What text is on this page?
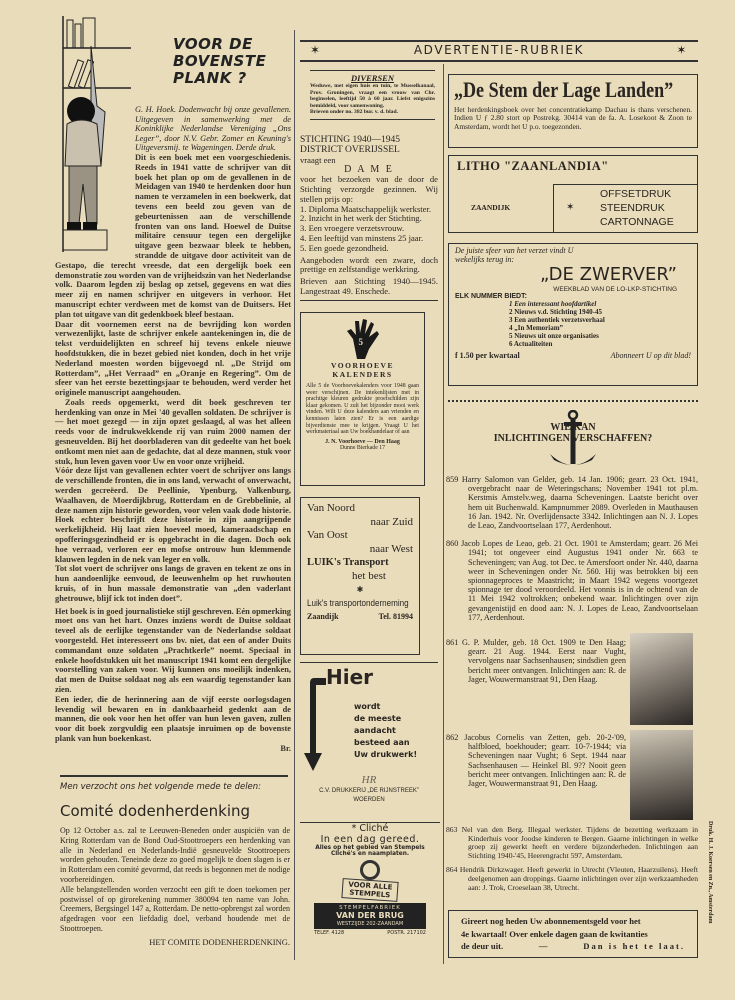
VOOR DE
BOVENSTE
PLANK ?
G. H. Hoek. Dodenwacht bij onze gevallenen. Uitgegeven in samenwerking met de Koninklijke Nederlandse Vereniging „Ons Leger”, door N.V. Gebr. Zomer en Keuning's Uitgeversmij. te Wageningen. Derde druk.

Dit is een boek met een voorgeschiedenis. Reeds in 1941 vatte de schrijver van dit boek het plan op om de gevallenen in de Meidagen van 1940 te herdenken door hun namen te verzamelen in een boekwerk, dat tevens een beeld zou geven van de gebeurtenissen aan de verschillende fronten van ons land. Hoewel de Duitse militaire censuur tegen een dergelijke uitgave geen bezwaar bleek te hebben, strandde de uitgave door activiteit van de Gestapo, die terecht vreesde, dat een dergelijk boek een demonstratie zou worden van de vrijheidszin van het Nederlandse volk. Daarom legden zij beslag op zetsel, gegevens en wat dies meer zij en namen schrijver en uitgevers in verhoor. Het manuscript echter verdween met de komst van de Duitsers. Het plan tot uitgave van dit gedenkboek bleef bestaan.

Daar dit voornemen eerst na de bevrijding kon worden verwezenlijkt, laste de schrijver enkele aantekeningen in, die de tekst verduidelijkten en schreef hij tevens enkele nieuwe hoofdstukken, die in bezet gebied niet konden, doch in het vrije Nederland moesten worden bijgevoegd nl. „De Strijd om Rotterdam”, „Het Verraad” en „Oranje en Regering”. Om de sfeer van het eerste bezettingsjaar te behouden, werd verder het originele manuscript aangehouden.

Zoals reeds opgemerkt, werd dit boek geschreven ter herdenking van onze in Mei '40 gevallen soldaten. De schrijver is — het moet gezegd — in zijn opzet geslaagd, al was het alleen reeds voor de indrukwekkende rij van ruim 2000 namen der gesneuvelden. Bij het doorbladeren van dit gedeelte van het boek ontkomt men niet aan de gedachte, dat al deze mannen, stuk voor stuk, hun leven gaven voor Uw en voor onze vrijheid.

Vóór deze lijst van gevallenen echter voert de schrijver ons langs de verschillende fronten, die in ons land, verwacht of onverwacht, werden gecreëerd. De Peellinie, Ypenburg, Valkenburg, Waalhaven, de Moerdijkbrug, Rotterdam en de Grebbelinie, al deze namen zijn historie geworden, voor velen vaak dode historie. Hoek echter beschrijft deze historie in zijn aangrijpende werkelijkheid. Hij laat zien hoeveel moed, kameraadschap en opofferingsgezindheid er is opgebracht in die dagen. Doch ook hoe verraad, verloren eer en mofse ontrouw hun klemmende klauwen legden in de nek van leger en volk.

Tot slot voert de schrijver ons langs de graven en tekent ze ons in hun aandoenlijke eenvoud, de leeuwenhelm op het ruwhouten kruis, of in hun massale demonstratie van „den vaderlant ghetrouwe, blijf ick tot inden doet”.

Het boek is in goed journalistieke stijl geschreven. Eén opmerking moet ons van het hart. Onzes inziens wordt de Duitse soldaat teveel als de eerlijke tegenstander van de Nederlandse soldaat voorgesteld. Het interesseert ons bv. niet, dat een of ander Duits commandant onze soldaten „Prachtkerle” noemt. Speciaal in enkele hoofdstukken uit het manuscript 1941 komt een dergelijke voorstelling van zaken voor. Wij kunnen ons moeilijk indenken, dat men de Duitse soldaat nog als een waardig tegenstander kan zien.

Een ieder, die de herinnering aan de vijf eerste oorlogsdagen levendig wil bewaren en in dankbaarheid gedenkt aan de mannen, die ook voor hen het offer van hun leven gaven, zullen voor dit boek zorgvuldig een plaatsje inruimen op de bovenste plank van hun boekenkast.

Br.
Men verzocht ons het volgende mede te delen:
Comité dodenherdenking
Op 12 October a.s. zal te Leeuwen-Beneden onder auspiciën van de Kring Rotterdam van de Bond Oud-Stoottroepers een herdenking van alle in Nederland en Nederlands-Indië gesneuvelde Stoottroepers worden gehouden. Teneinde deze zo goed mogelijk te doen slagen is er in Rotterdam een comité gevormd, dat reeds is begonnen met de nodige voorbereidingen.
Alle belangstellenden worden verzocht een gift te doen toekomen per postwissel of op girorekening nummer 380094 ten name van John. Creemers, Bergsingel 147 a, Rotterdam. De netto-opbrengst zal worden afgedragen voor een liefdadig doel, verband houdende met de Stoottroepen.
HET COMITE DODENHERDENKING.
✶	ADVERTENTIE-RUBRIEK	✶
DIVERSEN
Weduwe, met eigen huis en tuin, te Musselkanaal, Prov. Groningen, vraagt een vrouw van Chr. beginselen, leeftijd 50 à 60 jaar. Liefst enigszins bemiddeld, voor samenwoning.
Brieven onder no. 382 bur. v. d. blad.
STICHTING 1940—1945
DISTRICT OVERIJSSEL
vraagt een
D A M E
voor het bezoeken van de door de Stichting verzorgde gezinnen. Wij stellen prijs op:
1. Diploma Maatschappelijk werkster.
2. Inzicht in het werk der Stichting.
3. Een vroegere verzetsvrouw.
4. Een leeftijd van minstens 25 jaar.
5. Een goede gezondheid.
Aangeboden wordt een zware, doch prettige en zelfstandige werkkring.
Brieven aan Stichting 1940—1945. Langestraat 49. Enschede.
5
VOORHOEVE
KALENDERS
Alle 5 de Voorhoevekalenders voor 1948 gaan weer verschijnen. De intekenlijsten met in prachtige kleuren gedrukte proefschilden zijn klaar gekomen. U zult het bijzonder mooi werk vinden. Wilt U deze kalenders aan vrienden en kennissen laten zien? Er is een aardige bijverdienste mee te krijgen. Vraagt U het werkmateriaal aan Uw boekhandelaar of aan
J. N. Voorhoeve — Den Haag
Dunne Bierkade 17
Van Noord
naar Zuid
Van Oost
naar West
LUIK's Transport
het best
✱
Luik's transportonderneming
Zaandijk	Tel. 81994
Hier
wordt
de meeste
aandacht
besteed aan
Uw drukwerk!
HR
C.V. DRUKKERIJ „DE RIJNSTREEK”
WOERDEN
* Cliché
In een dag gereed.
Alles op het gebied van Stempels
Cliché's en naamplaten.
VOOR ALLE
STEMPELS
STEMPELFABRIEK
VAN DER BRUG
WESTZIJDE 202-ZAANDAM
TELEF. 4128	POSTR. 217102
„De Stem der Lage Landen”
Het herdenkingsboek over het concentratiekamp Dachau is thans verschenen. Indien U ƒ 2.80 stort op Postrekg. 30414 van de fa. A. Losekoot & Zoon te Amsterdam, wordt het U p.o. toegezonden.
LITHO "ZAANLANDIA"
ZAANDIJK	✶
OFFSETDRUK
STEENDRUK
CARTONNAGE
De juiste sfeer van het verzet vindt U wekelijks terug in:
„DE ZWERVER”
WEEKBLAD VAN DE LO-LKP-STICHTING
ELK NUMMER BIEDT:
1 Een interessant hoofdartikel
2 Nieuws v.d. Stichting 1940-45
3 Een authentiek verzetsverhaal
4 „In Memoriam”
5 Nieuws uit onze organisaties
6 Actualiteiten
f 1.50 per kwartaal	Abonneert U op dit blad!
WIE KAN
INLICHTINGEN VERSCHAFFEN?
859 Harry Salomon van Gelder, geb. 14 Jan. 1906; gearr. 23 Oct. 1941, overgebracht naar de Weteringschans; November 1941 tot pl.m. Kerstmis Amstelv.weg, daarna Scheveningen. Laatste bericht over hem uit Buchenwald. Kampnummer 2089. Overleden in Mauthausen 16 Jan. 1942. Nr. Overlijdensacte 3342. Inlichtingen aan N. J. Lopes de Leao, Zandvoortselaan 177, Aerdenhout.
860 Jacob Lopes de Leao, geb. 21 Oct. 1901 te Amsterdam; gearr. 26 Mei 1941; tot ongeveer eind Augustus 1941 onder Nr. 663 te Scheveningen; van Aug. tot Dec. te Amersfoort onder Nr. 440, daarna weer in Scheveningen onder Nr. 560. Hij was betrokken bij een spionnageproces te Maastricht; in Maart 1942 wegens voortgezet spionnage ter dood veroordeeld. Het vonnis is in de ochtend van de 11 Mei 1942 voltrokken; onbekend waar. Inlichtingen over zijn gevangenistijd en dood aan: N. J. Lopes de Leao, Zandvoortselaan 177, Aerdenhout.
861 G. P. Mulder, geb. 18 Oct. 1909 te Den Haag; gearr. 21 Aug. 1944. Eerst naar Vught, vervolgens naar Sachsenhausen; sindsdien geen bericht meer ontvangen. Inlichtingen aan: R. de Jager, Wouwermanstraat 91, Den Haag.
862 Jacobus Cornelis van Zetten, geb. 20-2-'09, halfbloed, boekhouder; gearr. 10-7-1944; via Scheveningen naar Vught; 6 Sept. 1944 naar Sachsenhausen — Heinkel Bl. 9?? Nooit geen bericht meer ontvangen. Inlichtingen aan: R. de Jager, Wouwermanstraat 91, Den Haag.
863 Nel van den Berg. Illegaal werkster. Tijdens de bezetting werkzaam in Kinderhuis voor Joodse kinderen te Bergen. Gaarne inlichtingen in welke groep zij gewerkt heeft en verdere bijzonderheden. Inlichtingen aan Stichting 1940-'45, Heerengracht 597, Amsterdam.
864 Hendrik Dirkzwager. Heeft gewerkt in Utrecht (Vleuten, Haarzuilens). Heeft deelgenomen aan droppings. Gaarne inlichtingen over zijn werkzaamheden aan: J. Trok, Croeselaan 38, Utrecht.
Gireert nog heden Uw abonnementsgeld voor het
4e kwartaal! Over enkele dagen gaan de kwitanties
de deur uit.	—	Dan is het te laat.
Druk. H. J. Koersen en Zn., Amsterdam
